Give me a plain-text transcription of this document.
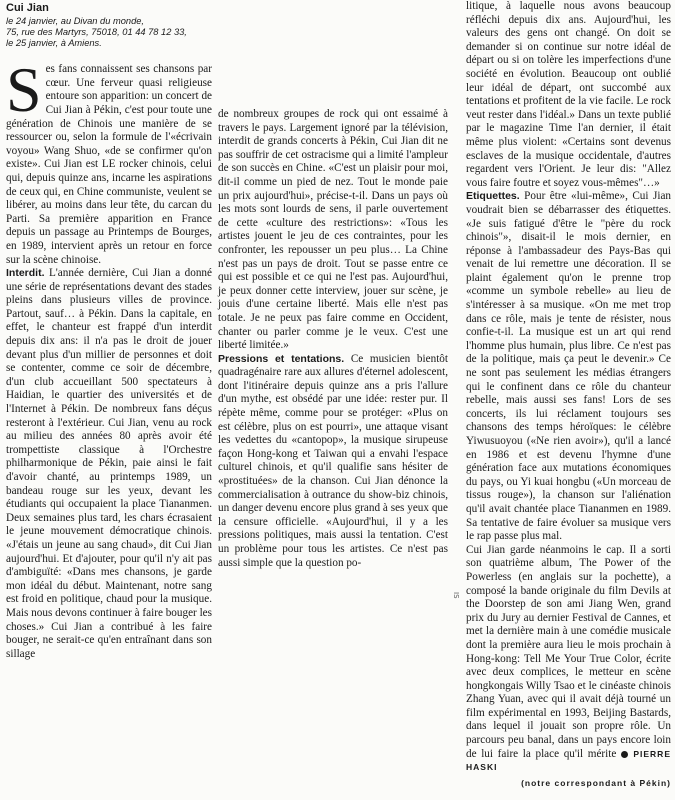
Cui Jian
le 24 janvier, au Divan du monde,
75, rue des Martyrs, 75018, 01 44 78 12 33,
le 25 janvier, à Amiens.

Ses fans connaissent ses chansons par cœur. Une ferveur quasi religieuse entoure son apparition: un concert de Cui Jian à Pékin, c'est pour toute une génération de Chinois une manière de se ressourcer ou, selon la formule de l'«écrivain voyou» Wang Shuo, «de se confirmer qu'on existe». Cui Jian est LE rocker chinois, celui qui, depuis quinze ans, incarne les aspirations de ceux qui, en Chine communiste, veulent se libérer, au moins dans leur tête, du carcan du Parti. Sa première apparition en France depuis un passage au Printemps de Bourges, en 1989, intervient après un retour en force sur la scène chinoise.

Interdit. L'année dernière, Cui Jian a donné une série de représentations devant des stades pleins dans plusieurs villes de province. Partout, sauf… à Pékin. Dans la capitale, en effet, le chanteur est frappé d'un interdit depuis dix ans: il n'a pas le droit de jouer devant plus d'un millier de personnes et doit se contenter, comme ce soir de décembre, d'un club accueillant 500 spectateurs à Haidian, le quartier des universités et de l'Internet à Pékin. De nombreux fans déçus resteront à l'extérieur. Cui Jian, venu au rock au milieu des années 80 après avoir été trompettiste classique à l'Orchestre philharmonique de Pékin, paie ainsi le fait d'avoir chanté, au printemps 1989, un bandeau rouge sur les yeux, devant les étudiants qui occupaient la place Tiananmen. Deux semaines plus tard, les chars écrasaient le jeune mouvement démocratique chinois. «J'étais un jeune au sang chaud», dit Cui Jian aujourd'hui. Et d'ajouter, pour qu'il n'y ait pas d'ambiguïté: «Dans mes chansons, je garde mon idéal du début. Maintenant, notre sang est froid en politique, chaud pour la musique. Mais nous devons continuer à faire bouger les choses.» Cui Jian a contribué à les faire bouger, ne serait-ce qu'en entraînant dans son sillage

de nombreux groupes de rock qui ont essaimé à travers le pays. Largement ignoré par la télévision, interdit de grands concerts à Pékin, Cui Jian dit ne pas souffrir de cet ostracisme qui a limité l'ampleur de son succès en Chine. «C'est un plaisir pour moi, dit-il comme un pied de nez. Tout le monde paie un prix aujourd'hui», précise-t-il. Dans un pays où les mots sont lourds de sens, il parle ouvertement de cette «culture des restrictions»: «Tous les artistes jouent le jeu de ces contraintes, pour les confronter, les repousser un peu plus… La Chine n'est pas un pays de droit. Tout se passe entre ce qui est possible et ce qui ne l'est pas. Aujourd'hui, je peux donner cette interview, jouer sur scène, je jouis d'une certaine liberté. Mais elle n'est pas totale. Je ne peux pas faire comme en Occident, chanter ou parler comme je le veux. C'est une liberté limitée.»

Pressions et tentations. Ce musicien bientôt quadragénaire rare aux allures d'éternel adolescent, dont l'itinéraire depuis quinze ans a pris l'allure d'un mythe, est obsédé par une idée: rester pur. Il répète même, comme pour se protéger: «Plus on est célèbre, plus on est pourri», une attaque visant les vedettes du «cantopop», la musique sirupeuse façon Hong-kong et Taiwan qui a envahi l'espace culturel chinois, et qu'il qualifie sans hésiter de «prostituées» de la chanson. Cui Jian dénonce la commercialisation à outrance du show-biz chinois, un danger devenu encore plus grand à ses yeux que la censure officielle. «Aujourd'hui, il y a les pressions politiques, mais aussi la tentation. C'est un problème pour tous les artistes. Ce n'est pas aussi simple que la question po-

IS

litique, à laquelle nous avons beaucoup réfléchi depuis dix ans. Aujourd'hui, les valeurs des gens ont changé. On doit se demander si on continue sur notre idéal de départ ou si on tolère les imperfections d'une société en évolution. Beaucoup ont oublié leur idéal de départ, ont succombé aux tentations et profitent de la vie facile. Le rock veut rester dans l'idéal.» Dans un texte publié par le magazine Time l'an dernier, il était même plus violent: «Certains sont devenus esclaves de la musique occidentale, d'autres regardent vers l'Orient. Je leur dis: "Allez vous faire foutre et soyez vous-mêmes"…»

Etiquettes. Pour être «lui-même», Cui Jian voudrait bien se débarrasser des étiquettes. «Je suis fatigué d'être le "père du rock chinois"», disait-il le mois dernier, en réponse à l'ambassadeur des Pays-Bas qui venait de lui remettre une décoration. Il se plaint également qu'on le prenne trop «comme un symbole rebelle» au lieu de s'intéresser à sa musique. «On me met trop dans ce rôle, mais je tente de résister, nous confie-t-il. La musique est un art qui rend l'homme plus humain, plus libre. Ce n'est pas de la politique, mais ça peut le devenir.» Ce ne sont pas seulement les médias étrangers qui le confinent dans ce rôle du chanteur rebelle, mais aussi ses fans! Lors de ses concerts, ils lui réclament toujours ses chansons des temps héroïques: le célèbre Yiwusuoyou («Ne rien avoir»), qu'il a lancé en 1986 et est devenu l'hymne d'une génération face aux mutations économiques du pays, ou Yi kuai hongbu («Un morceau de tissus rouge»), la chanson sur l'aliénation qu'il avait chantée place Tiananmen en 1989. Sa tentative de faire évoluer sa musique vers le rap passe plus mal.

Cui Jian garde néanmoins le cap. Il a sorti son quatrième album, The Power of the Powerless (en anglais sur la pochette), a composé la bande originale du film Devils at the Doorstep de son ami Jiang Wen, grand prix du Jury au dernier Festival de Cannes, et met la dernière main à une comédie musicale dont la première aura lieu le mois prochain à Hong-kong: Tell Me Your True Color, écrite avec deux complices, le metteur en scène hongkongais Willy Tsao et le cinéaste chinois Zhang Yuan, avec qui il avait déjà tourné un film expérimental en 1993, Beijing Bastards, dans lequel il jouait son propre rôle. Un parcours peu banal, dans un pays encore loin de lui faire la place qu'il mérite PIERRE HASKI

(notre correspondant à Pékin)
